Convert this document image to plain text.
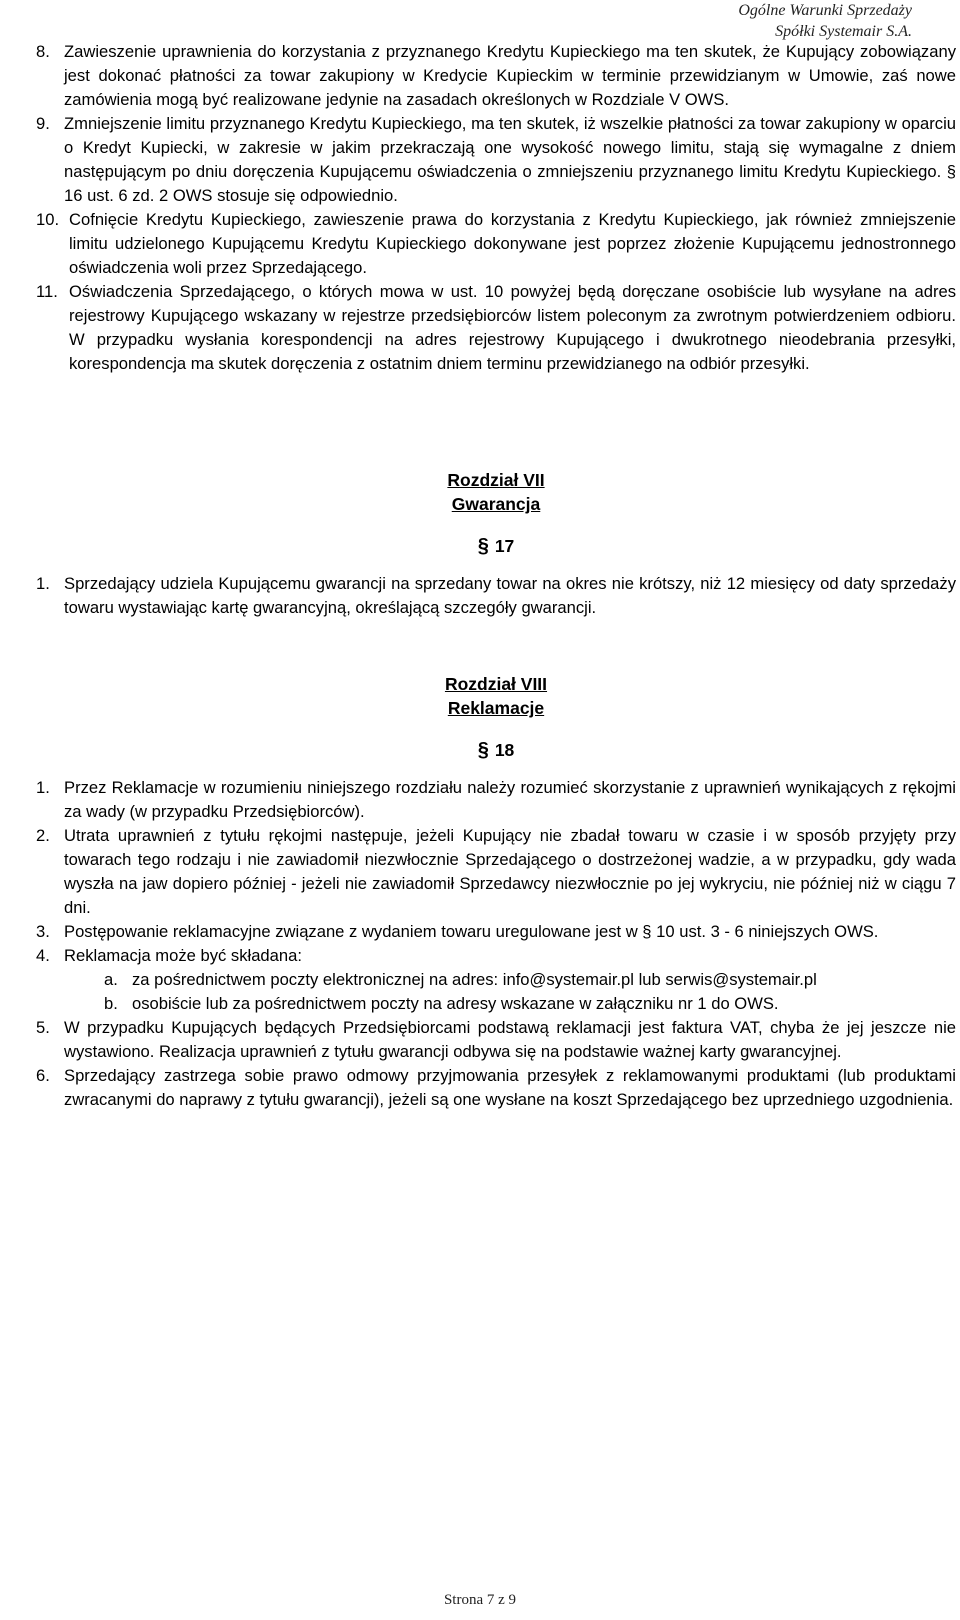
Ogólne Warunki Sprzedaży
Spółki Systemair S.A.
8. Zawieszenie uprawnienia do korzystania z przyznanego Kredytu Kupieckiego ma ten skutek, że Kupujący zobowiązany jest dokonać płatności za towar zakupiony w Kredycie Kupieckim w terminie przewidzianym w Umowie, zaś nowe zamówienia mogą być realizowane jedynie na zasadach określonych w Rozdziale V OWS.
9. Zmniejszenie limitu przyznanego Kredytu Kupieckiego, ma ten skutek, iż wszelkie płatności za towar zakupiony w oparciu o Kredyt Kupiecki, w zakresie w jakim przekraczają one wysokość nowego limitu, stają się wymagalne z dniem następującym po dniu doręczenia Kupującemu oświadczenia o zmniejszeniu przyznanego limitu Kredytu Kupieckiego. § 16 ust. 6 zd. 2 OWS stosuje się odpowiednio.
10. Cofnięcie Kredytu Kupieckiego, zawieszenie prawa do korzystania z Kredytu Kupieckiego, jak również zmniejszenie limitu udzielonego Kupującemu Kredytu Kupieckiego dokonywane jest poprzez złożenie Kupującemu jednostronnego oświadczenia woli przez Sprzedającego.
11. Oświadczenia Sprzedającego, o których mowa w ust. 10 powyżej będą doręczane osobiście lub wysyłane na adres rejestrowy Kupującego wskazany w rejestrze przedsiębiorców listem poleconym za zwrotnym potwierdzeniem odbioru. W przypadku wysłania korespondencji na adres rejestrowy Kupującego i dwukrotnego nieodebrania przesyłki, korespondencja ma skutek doręczenia z ostatnim dniem terminu przewidzianego na odbiór przesyłki.
Rozdział VII
Gwarancja
§ 17
1. Sprzedający udziela Kupującemu gwarancji na sprzedany towar na okres nie krótszy, niż 12 miesięcy od daty sprzedaży towaru wystawiając kartę gwarancyjną, określającą szczegóły gwarancji.
Rozdział VIII
Reklamacje
§ 18
1. Przez Reklamacje w rozumieniu niniejszego rozdziału należy rozumieć skorzystanie z uprawnień wynikających z rękojmi za wady (w przypadku Przedsiębiorców).
2. Utrata uprawnień z tytułu rękojmi następuje, jeżeli Kupujący nie zbadał towaru w czasie i w sposób przyjęty przy towarach tego rodzaju i nie zawiadomił niezwłocznie Sprzedającego o dostrzeżonej wadzie, a w przypadku, gdy wada wyszła na jaw dopiero później - jeżeli nie zawiadomił Sprzedawcy niezwłocznie po jej wykryciu, nie później niż w ciągu 7 dni.
3. Postępowanie reklamacyjne związane z wydaniem towaru uregulowane jest w § 10 ust. 3 - 6 niniejszych OWS.
4. Reklamacja może być składana:
a. za pośrednictwem poczty elektronicznej na adres: info@systemair.pl lub serwis@systemair.pl
b. osobiście lub za pośrednictwem poczty na adresy wskazane w załączniku nr 1 do OWS.
5. W przypadku Kupujących będących Przedsiębiorcami podstawą reklamacji jest faktura VAT, chyba że jej jeszcze nie wystawiono. Realizacja uprawnień z tytułu gwarancji odbywa się na podstawie ważnej karty gwarancyjnej.
6. Sprzedający zastrzega sobie prawo odmowy przyjmowania przesyłek z reklamowanymi produktami (lub produktami zwracanymi do naprawy z tytułu gwarancji), jeżeli są one wysłane na koszt Sprzedającego bez uprzedniego uzgodnienia.
Strona 7 z 9
